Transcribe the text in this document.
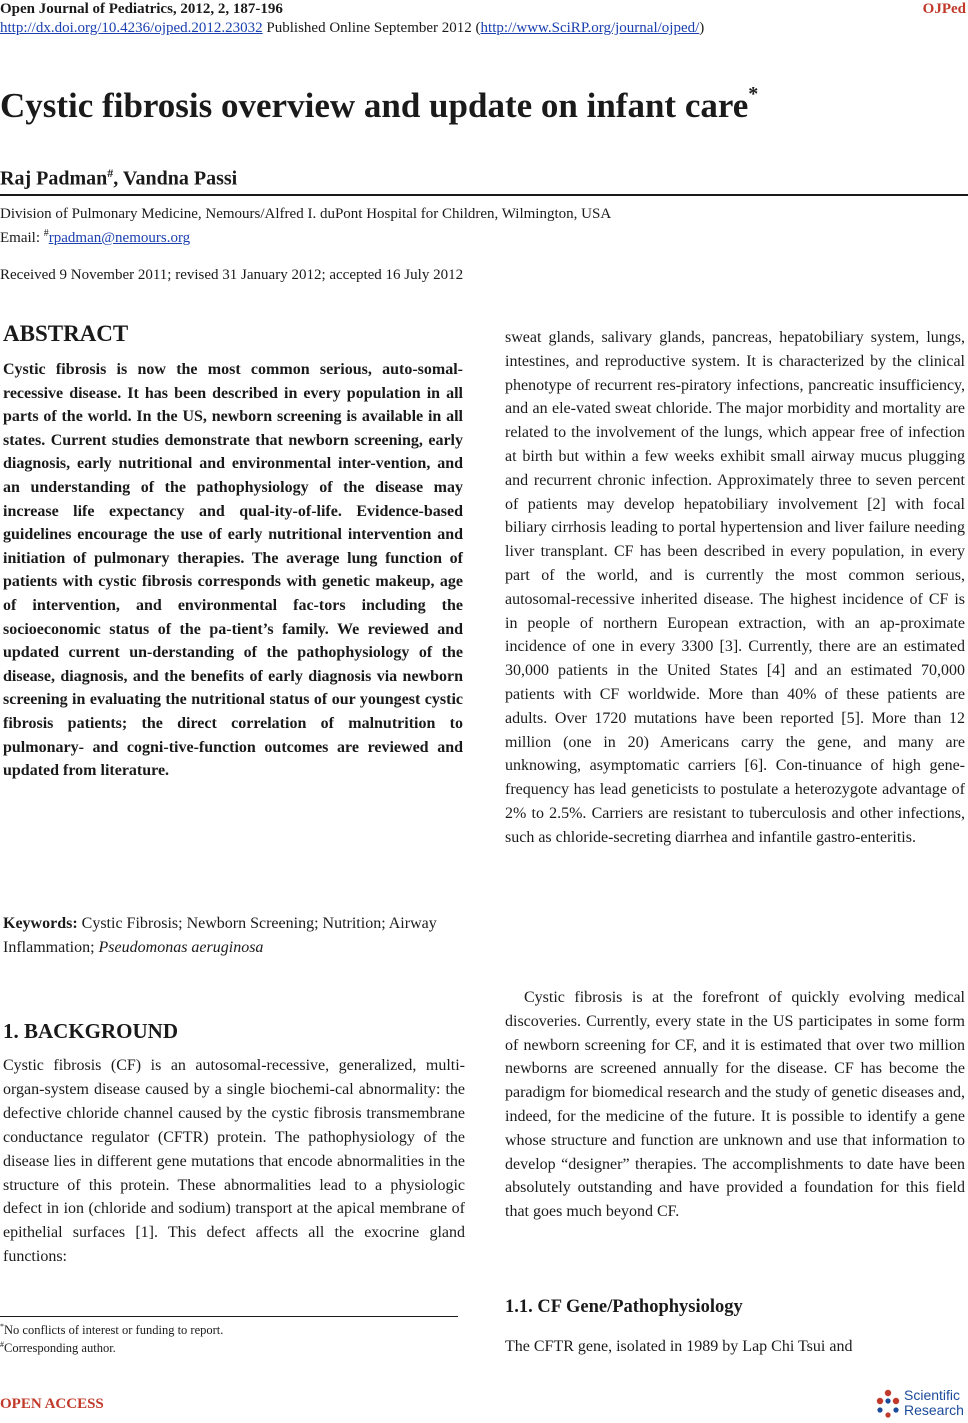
Open Journal of Pediatrics, 2012, 2, 187-196	OJPed
http://dx.doi.org/10.4236/ojped.2012.23032 Published Online September 2012 (http://www.SciRP.org/journal/ojped/)
Cystic fibrosis overview and update on infant care*
Raj Padman#, Vandna Passi
Division of Pulmonary Medicine, Nemours/Alfred I. duPont Hospital for Children, Wilmington, USA
Email: #rpadman@nemours.org
Received 9 November 2011; revised 31 January 2012; accepted 16 July 2012
ABSTRACT
Cystic fibrosis is now the most common serious, auto-somal-recessive disease. It has been described in every population in all parts of the world. In the US, newborn screening is available in all states. Current studies demonstrate that newborn screening, early diagnosis, early nutritional and environmental inter-vention, and an understanding of the pathophysiology of the disease may increase life expectancy and qual-ity-of-life. Evidence-based guidelines encourage the use of early nutritional intervention and initiation of pulmonary therapies. The average lung function of patients with cystic fibrosis corresponds with genetic makeup, age of intervention, and environmental fac-tors including the socioeconomic status of the pa-tient’s family. We reviewed and updated current un-derstanding of the pathophysiology of the disease, diagnosis, and the benefits of early diagnosis via newborn screening in evaluating the nutritional status of our youngest cystic fibrosis patients; the direct correlation of malnutrition to pulmonary- and cogni-tive-function outcomes are reviewed and updated from literature.
Keywords: Cystic Fibrosis; Newborn Screening; Nutrition; Airway Inflammation; Pseudomonas aeruginosa
1. BACKGROUND
Cystic fibrosis (CF) is an autosomal-recessive, generalized, multi-organ-system disease caused by a single biochemi-cal abnormality: the defective chloride channel caused by the cystic fibrosis transmembrane conductance regulator (CFTR) protein. The pathophysiology of the disease lies in different gene mutations that encode abnormalities in the structure of this protein. These abnormalities lead to a physiologic defect in ion (chloride and sodium) transport at the apical membrane of epithelial surfaces [1]. This defect affects all the exocrine gland functions:
*No conflicts of interest or funding to report.
#Corresponding author.
sweat glands, salivary glands, pancreas, hepatobiliary system, lungs, intestines, and reproductive system. It is characterized by the clinical phenotype of recurrent res-piratory infections, pancreatic insufficiency, and an ele-vated sweat chloride. The major morbidity and mortality are related to the involvement of the lungs, which appear free of infection at birth but within a few weeks exhibit small airway mucus plugging and recurrent chronic infection. Approximately three to seven percent of patients may develop hepatobiliary involvement [2] with focal biliary cirrhosis leading to portal hypertension and liver failure needing liver transplant. CF has been described in every population, in every part of the world, and is currently the most common serious, autosomal-recessive inherited disease. The highest incidence of CF is in people of northern European extraction, with an ap-proximate incidence of one in every 3300 [3]. Currently, there are an estimated 30,000 patients in the United States [4] and an estimated 70,000 patients with CF worldwide. More than 40% of these patients are adults. Over 1720 mutations have been reported [5]. More than 12 million (one in 20) Americans carry the gene, and many are unknowing, asymptomatic carriers [6]. Con-tinuance of high gene-frequency has lead geneticists to postulate a heterozygote advantage of 2% to 2.5%. Carriers are resistant to tuberculosis and other infections, such as chloride-secreting diarrhea and infantile gastro-enteritis.
Cystic fibrosis is at the forefront of quickly evolving medical discoveries. Currently, every state in the US participates in some form of newborn screening for CF, and it is estimated that over two million newborns are screened annually for the disease. CF has become the paradigm for biomedical research and the study of genetic diseases and, indeed, for the medicine of the future. It is possible to identify a gene whose structure and function are unknown and use that information to develop “designer” therapies. The accomplishments to date have been absolutely outstanding and have provided a foundation for this field that goes much beyond CF.
1.1. CF Gene/Pathophysiology
The CFTR gene, isolated in 1989 by Lap Chi Tsui and
OPEN ACCESS
Scientific
Research
